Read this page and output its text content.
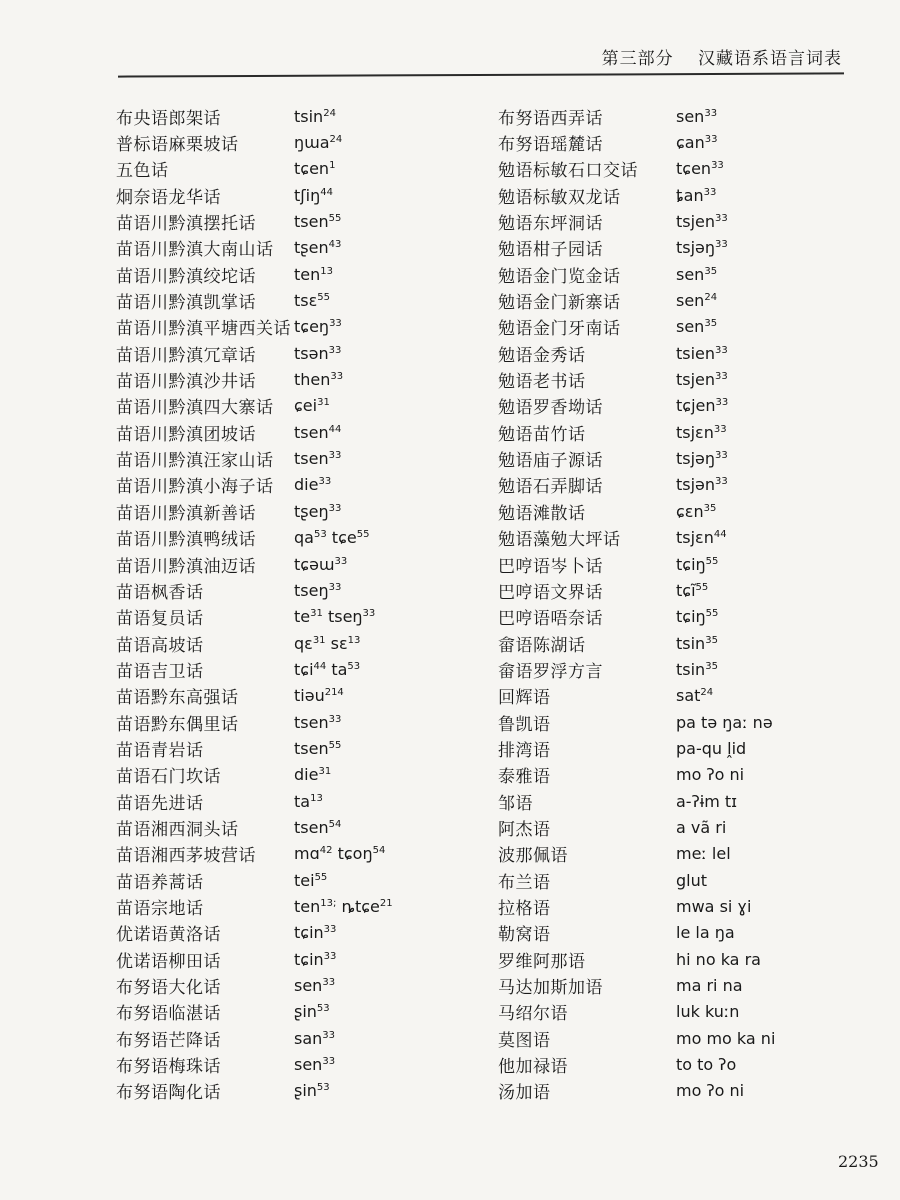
第三部分 汉藏语系语言词表
布央语郎架话	tsin$^{24}$
普标语麻栗坡话	ŋɯa$^{24}$
五色话	tɕen$^1$
炯奈语龙华话	tʃiŋ$^{44}$
苗语川黔滇摆托话	tsen$^{55}$
苗语川黔滇大南山话	tʂen$^{43}$
苗语川黔滇绞坨话	ten$^{13}$
苗语川黔滇凯掌话	tsɛ$^{55}$
苗语川黔滇平塘西关话 tɕeŋ$^{33}$
苗语川黔滇冗章话	tsən$^{33}$
苗语川黔滇沙井话	then$^{33}$
苗语川黔滇四大寨话	ɕei$^{31}$
苗语川黔滇团坡话	tsen$^{44}$
苗语川黔滇汪家山话	tsen$^{33}$
苗语川黔滇小海子话	die$^{33}$
苗语川黔滇新善话	tʂeŋ$^{33}$
苗语川黔滇鸭绒话	$qa^{53}$ tɕe$^{55}$
苗语川黔滇油迈话	tɕəɯ$^{33}$
苗语枫香话	tseŋ$^{33}$
苗语复员话	$te^{31}$ tseŋ$^{33}$
苗语高坡话	qɛ$^{31}$ sɛ$^{13}$
苗语吉卫话	tɕi$^{44}$ $ta^{53}$
苗语黔东高强话	tiəu$^{214}$
苗语黔东偶里话	tsen$^{33}$
苗语青岩话	tsen$^{55}$
苗语石门坎话	die$^{31}$
苗语先进话	$ta^{13}$
苗语湘西洞头话	tsen$^{54}$
苗语湘西茅坡营话	mɑ$^{42}$ tɕoŋ$^{54}$
苗语养蒿话	tei$^{55}$
苗语宗地话	ten$^{13;}$ ȵtɕe$^{21}$
优诺语黄洛话	tɕin$^{33}$
优诺语柳田话	tɕin$^{33}$
布努语大化话	sen$^{33}$
布努语临湛话	ʂin$^{53}$
布努语芒降话	san$^{33}$
布努语梅珠话	sen$^{33}$
布努语陶化话	ʂin$^{53}$
布努语西弄话	sen$^{33}$
布努语瑶麓话	ɕan$^{33}$
勉语标敏石口交话	tɕen$^{33}$
勉语标敏双龙话	ȶan$^{33}$
勉语东坪洞话	tsjen$^{33}$
勉语柑子园话	tsjəŋ$^{33}$
勉语金门览金话	sen$^{35}$
勉语金门新寨话	sen$^{24}$
勉语金门牙南话	sen$^{35}$
勉语金秀话	tsien$^{33}$
勉语老书话	tsjen$^{33}$
勉语罗香坳话	tɕjen$^{33}$
勉语苗竹话	tsjɛn$^{33}$
勉语庙子源话	tsjəŋ$^{33}$
勉语石弄脚话	tsjən$^{33}$
勉语滩散话	ɕɛn$^{35}$
勉语藻勉大坪话	tsjɛn$^{44}$
巴哼语岑卜话	tɕiŋ$^{55}$
巴哼语文界话	tɕĩ$^{55}$
巴哼语唔奈话	tɕiŋ$^{55}$
畲语陈湖话	tsin$^{35}$
畲语罗浮方言	tsin$^{35}$
回辉语	sat$^{24}$
鲁凯语	pa tə ŋaː nə
排湾语	pa-qu ḽid
泰雅语	mo ʔo ni
邹语	a-ʔɨm tɪ
阿杰语	a vã ri
波那佩语	meː lel
布兰语	glut
拉格语	mwa si ɣi
勒窝语	le la ŋa
罗维阿那语	hi no ka ra
马达加斯加语	ma ri na
马绍尔语	luk kuːn
莫图语	mo mo ka ni
他加禄语	to to ʔo
汤加语	mo ʔo ni
2235
